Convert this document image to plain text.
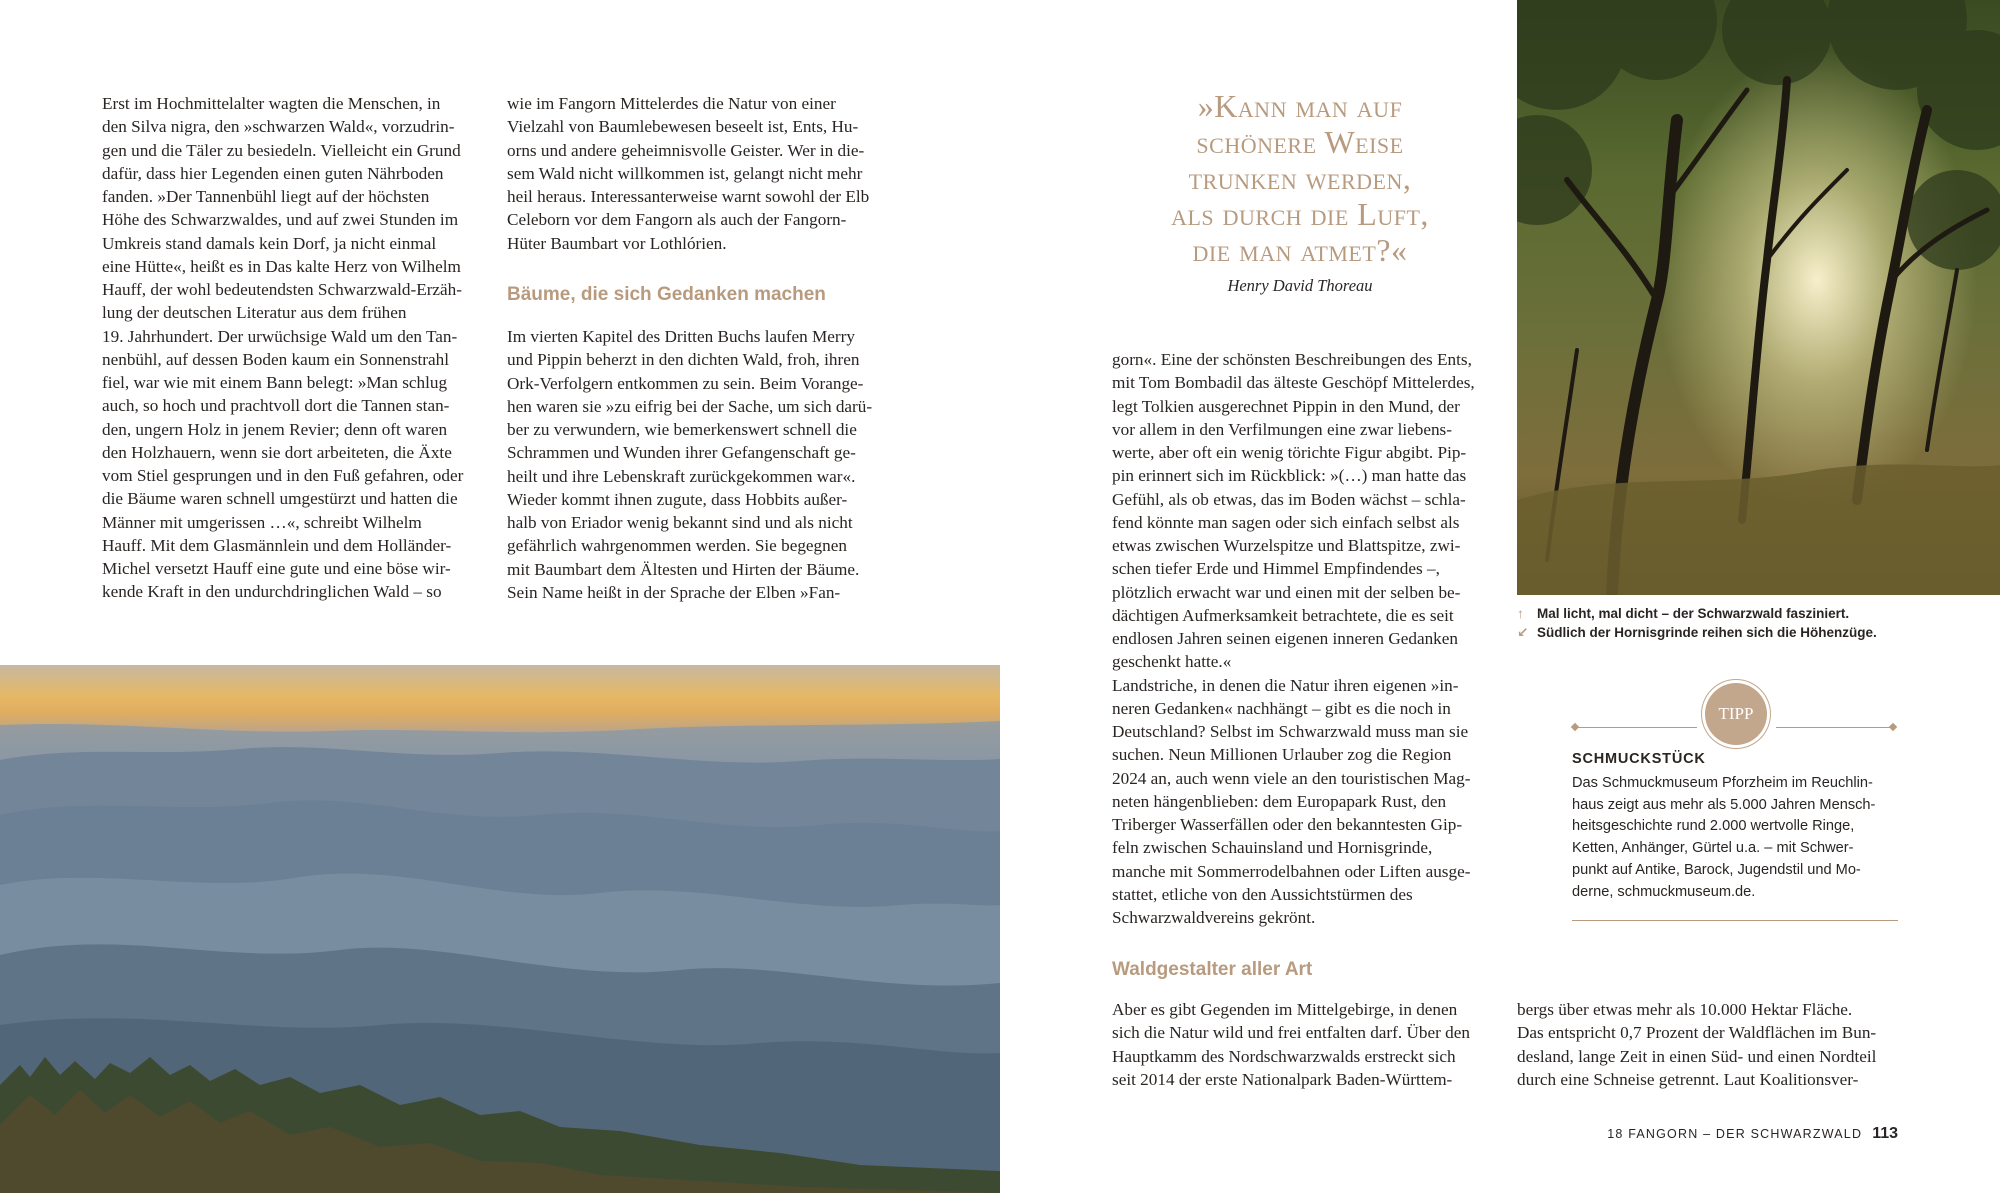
Erst im Hochmittelalter wagten die Menschen, in

den Silva nigra, den »schwarzen Wald«, vorzudrin-

gen und die Täler zu besiedeln. Vielleicht ein Grund

dafür, dass hier Legenden einen guten Nährboden

fanden. »Der Tannenbühl liegt auf der höchsten

Höhe des Schwarzwaldes, und auf zwei Stunden im

Umkreis stand damals kein Dorf, ja nicht einmal

eine Hütte«, heißt es in Das kalte Herz von Wilhelm

Hauff, der wohl bedeutendsten Schwarzwald-Erzäh-

lung der deutschen Literatur aus dem frühen

19. Jahrhundert. Der urwüchsige Wald um den Tan-

nenbühl, auf dessen Boden kaum ein Sonnenstrahl

fiel, war wie mit einem Bann belegt: »Man schlug

auch, so hoch und prachtvoll dort die Tannen stan-

den, ungern Holz in jenem Revier; denn oft waren

den Holzhauern, wenn sie dort arbeiteten, die Äxte

vom Stiel gesprungen und in den Fuß gefahren, oder

die Bäume waren schnell umgestürzt und hatten die

Männer mit umgerissen …«, schreibt Wilhelm

Hauff. Mit dem Glasmännlein und dem Holländer-

Michel versetzt Hauff eine gute und eine böse wir-

kende Kraft in den undurchdringlichen Wald – so

wie im Fangorn Mittelerdes die Natur von einer

Vielzahl von Baumlebewesen beseelt ist, Ents, Hu-

orns und andere geheimnisvolle Geister. Wer in die-

sem Wald nicht willkommen ist, gelangt nicht mehr

heil heraus. Interessanterweise warnt sowohl der Elb

Celeborn vor dem Fangorn als auch der Fangorn-

Hüter Baumbart vor Lothlórien.

Bäume, die sich Gedanken machen

Im vierten Kapitel des Dritten Buchs laufen Merry

und Pippin beherzt in den dichten Wald, froh, ihren

Ork-Verfolgern entkommen zu sein. Beim Vorange-

hen waren sie »zu eifrig bei der Sache, um sich darü-

ber zu verwundern, wie bemerkenswert schnell die

Schrammen und Wunden ihrer Gefangenschaft ge-

heilt und ihre Lebenskraft zurückgekommen war«.

Wieder kommt ihnen zugute, dass Hobbits außer-

halb von Eriador wenig bekannt sind und als nicht

gefährlich wahrgenommen werden. Sie begegnen

mit Baumbart dem Ältesten und Hirten der Bäume.

Sein Name heißt in der Sprache der Elben »Fan-

»Kann man auf
schönere Weise
trunken werden,
als durch die Luft,
die man atmet?«
Henry David Thoreau

gorn«. Eine der schönsten Beschreibungen des Ents,

mit Tom Bombadil das älteste Geschöpf Mittelerdes,

legt Tolkien ausgerechnet Pippin in den Mund, der

vor allem in den Verfilmungen eine zwar liebens-

werte, aber oft ein wenig törichte Figur abgibt. Pip-

pin erinnert sich im Rückblick: »(…) man hatte das

Gefühl, als ob etwas, das im Boden wächst – schla-

fend könnte man sagen oder sich einfach selbst als

etwas zwischen Wurzelspitze und Blattspitze, zwi-

schen tiefer Erde und Himmel Empfindendes –,

plötzlich erwacht war und einen mit der selben be-

dächtigen Aufmerksamkeit betrachtete, die es seit

endlosen Jahren seinen eigenen inneren Gedanken

geschenkt hatte.«

Landstriche, in denen die Natur ihren eigenen »in-

neren Gedanken« nachhängt – gibt es die noch in

Deutschland? Selbst im Schwarzwald muss man sie

suchen. Neun Millionen Urlauber zog die Region

2024 an, auch wenn viele an den touristischen Mag-

neten hängenblieben: dem Europapark Rust, den

Triberger Wasserfällen oder den bekanntesten Gip-

feln zwischen Schauinsland und Hornisgrinde,

manche mit Sommerrodelbahnen oder Liften ausge-

stattet, etliche von den Aussichtstürmen des

Schwarzwaldvereins gekrönt.

Waldgestalter aller Art

Aber es gibt Gegenden im Mittelgebirge, in denen

sich die Natur wild und frei entfalten darf. Über den

Hauptkamm des Nordschwarzwalds erstreckt sich

seit 2014 der erste Nationalpark Baden-Württem-

bergs über etwas mehr als 10.000 Hektar Fläche.

Das entspricht 0,7 Prozent der Waldflächen im Bun-

desland, lange Zeit in einen Süd- und einen Nordteil

durch eine Schneise getrennt. Laut Koalitionsver-

↑ Mal licht, mal dicht – der Schwarzwald fasziniert.
↙ Südlich der Hornisgrinde reihen sich die Höhenzüge.
TIPP
SCHMUCKSTÜCK
Das Schmuckmuseum Pforzheim im Reuchlin-
haus zeigt aus mehr als 5.000 Jahren Mensch-
heitsgeschichte rund 2.000 wertvolle Ringe,
Ketten, Anhänger, Gürtel u.a. – mit Schwer-
punkt auf Antike, Barock, Jugendstil und Mo-
derne, schmuckmuseum.de.
18 FANGORN – DER SCHWARZWALD 113
